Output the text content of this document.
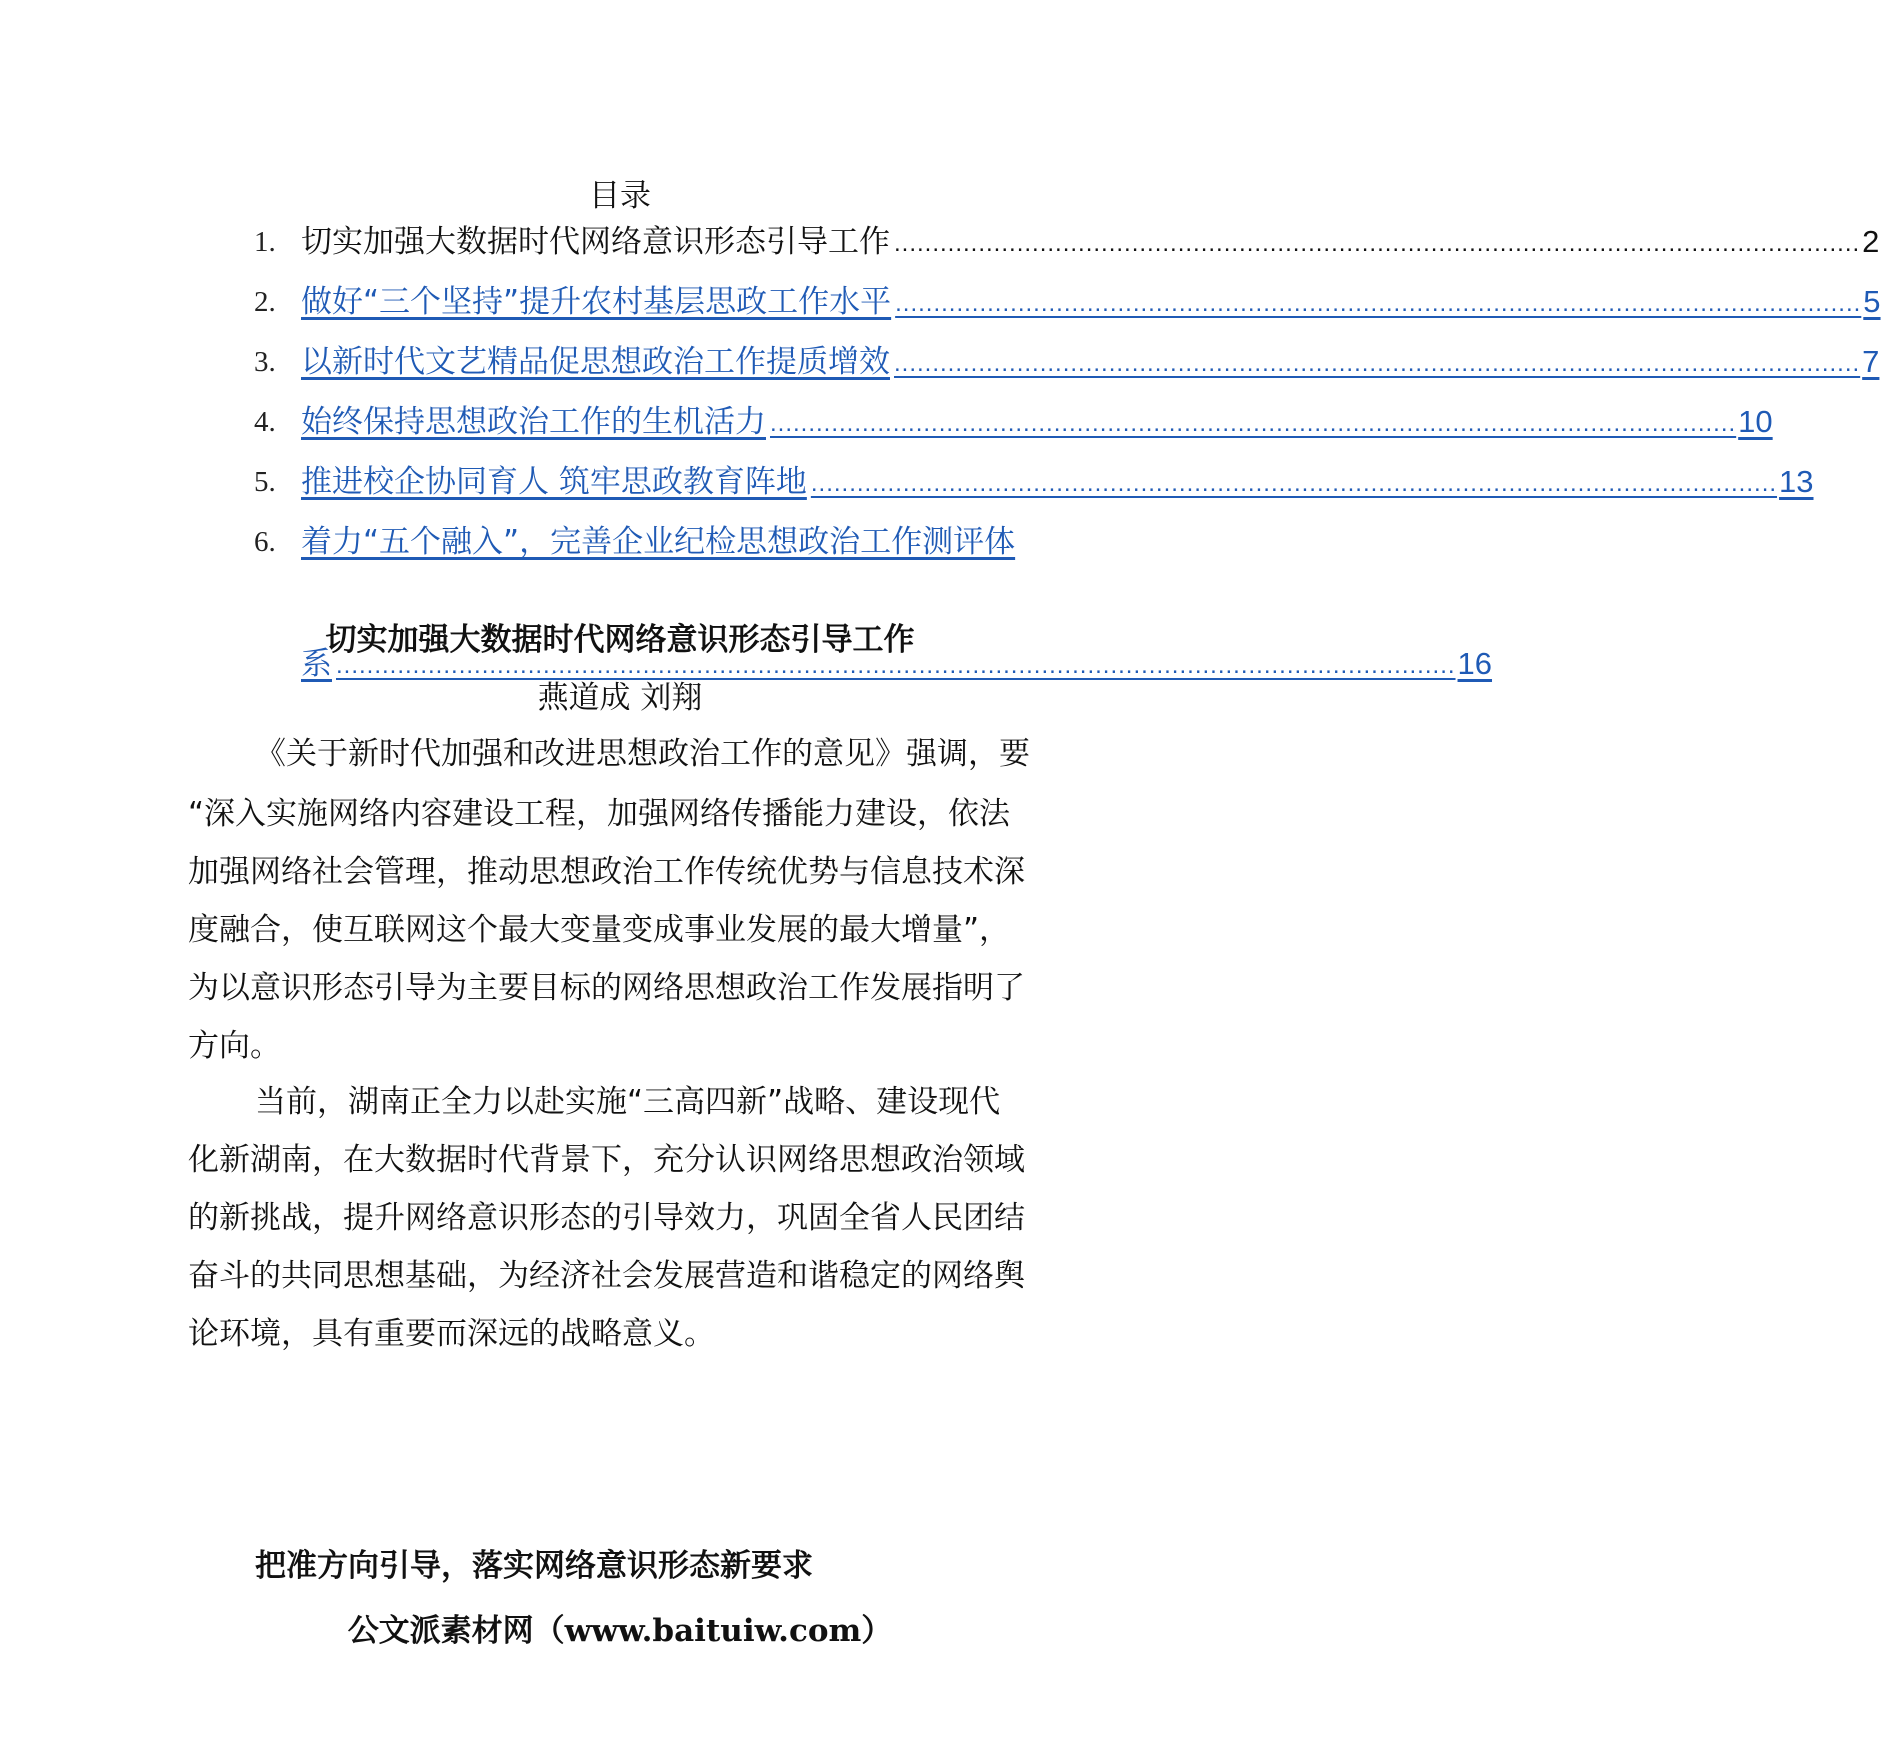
目录
1. 切实加强大数据时代网络意识形态引导工作 .............................................................................................................................. 2
2. 做好“三个坚持”提升农村基层思政工作水平 .............................................................................................................................. 5
3. 以新时代文艺精品促思想政治工作提质增效 .............................................................................................................................. 7
4. 始终保持思想政治工作的生机活力 .............................................................................................................................. 10
5. 推进校企协同育人 筑牢思政教育阵地 .............................................................................................................................. 13
6. 着力“五个融入”，完善企业纪检思想政治工作测评体
系 .................................................................................................................................................. 16
切实加强大数据时代网络意识形态引导工作
燕道成 刘翔
《关于新时代加强和改进思想政治工作的意见》强调，要
“深入实施网络内容建设工程，加强网络传播能力建设，依法
加强网络社会管理，推动思想政治工作传统优势与信息技术深
度融合，使互联网这个最大变量变成事业发展的最大增量”，
为以意识形态引导为主要目标的网络思想政治工作发展指明了
方向。
当前，湖南正全力以赴实施“三高四新”战略、建设现代
化新湖南，在大数据时代背景下，充分认识网络思想政治领域
的新挑战，提升网络意识形态的引导效力，巩固全省人民团结
奋斗的共同思想基础，为经济社会发展营造和谐稳定的网络舆
论环境，具有重要而深远的战略意义。
把准方向引导，落实网络意识形态新要求
公文派素材网（www.baituiw.com）
